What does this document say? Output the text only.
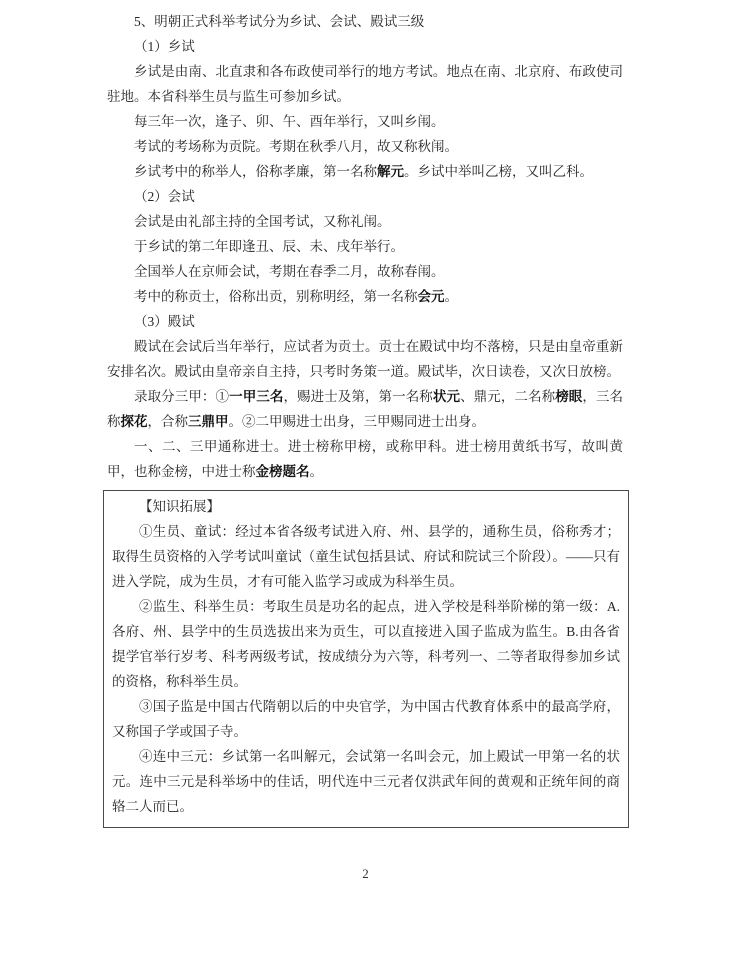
5、明朝正式科举考试分为乡试、会试、殿试三级

（1）乡试

乡试是由南、北直隶和各布政使司举行的地方考试。地点在南、北京府、布政使司驻地。本省科举生员与监生可参加乡试。

每三年一次，逢子、卯、午、酉年举行，又叫乡闱。

考试的考场称为贡院。考期在秋季八月，故又称秋闱。

乡试考中的称举人，俗称孝廉，第一名称解元。乡试中举叫乙榜，又叫乙科。

（2）会试

会试是由礼部主持的全国考试，又称礼闱。

于乡试的第二年即逢丑、辰、未、戌年举行。

全国举人在京师会试，考期在春季二月，故称春闱。

考中的称贡士，俗称出贡，别称明经，第一名称会元。

（3）殿试

殿试在会试后当年举行，应试者为贡士。贡士在殿试中均不落榜，只是由皇帝重新安排名次。殿试由皇帝亲自主持，只考时务策一道。殿试毕，次日读卷，又次日放榜。

录取分三甲：①一甲三名，赐进士及第，第一名称状元、鼎元，二名称榜眼，三名称探花，合称三鼎甲。②二甲赐进士出身，三甲赐同进士出身。

一、二、三甲通称进士。进士榜称甲榜，或称甲科。进士榜用黄纸书写，故叫黄甲，也称金榜，中进士称金榜题名。

【知识拓展】

①生员、童试：经过本省各级考试进入府、州、县学的，通称生员，俗称秀才；取得生员资格的入学考试叫童试（童生试包括县试、府试和院试三个阶段）。——只有进入学院，成为生员，才有可能入监学习或成为科举生员。

②监生、科举生员：考取生员是功名的起点，进入学校是科举阶梯的第一级：A.各府、州、县学中的生员选拔出来为贡生，可以直接进入国子监成为监生。B.由各省提学官举行岁考、科考两级考试，按成绩分为六等，科考列一、二等者取得参加乡试的资格，称科举生员。

③国子监是中国古代隋朝以后的中央官学，为中国古代教育体系中的最高学府，又称国子学或国子寺。

④连中三元：乡试第一名叫解元，会试第一名叫会元，加上殿试一甲第一名的状元。连中三元是科举场中的佳话，明代连中三元者仅洪武年间的黄观和正统年间的商辂二人而已。

2
